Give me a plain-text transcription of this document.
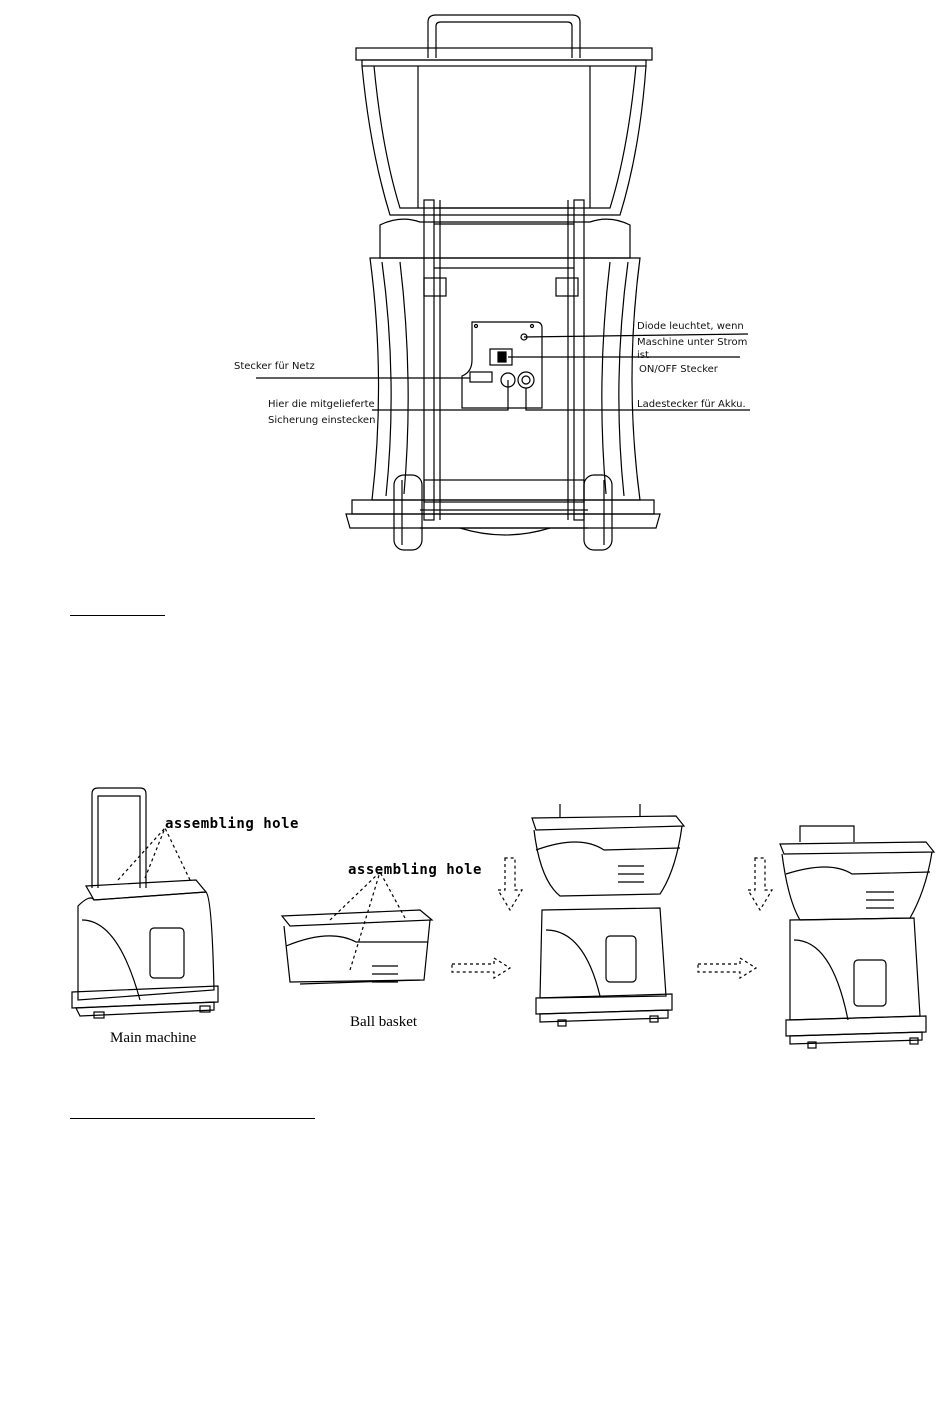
Diode leuchtet, wenn
Maschine unter Strom
ist
ON/OFF Stecker
Stecker für Netz
Hier die mitgelieferte
Sicherung einstecken
Ladestecker für Akku.
assembling hole
assembling hole
Main machine
Ball basket
